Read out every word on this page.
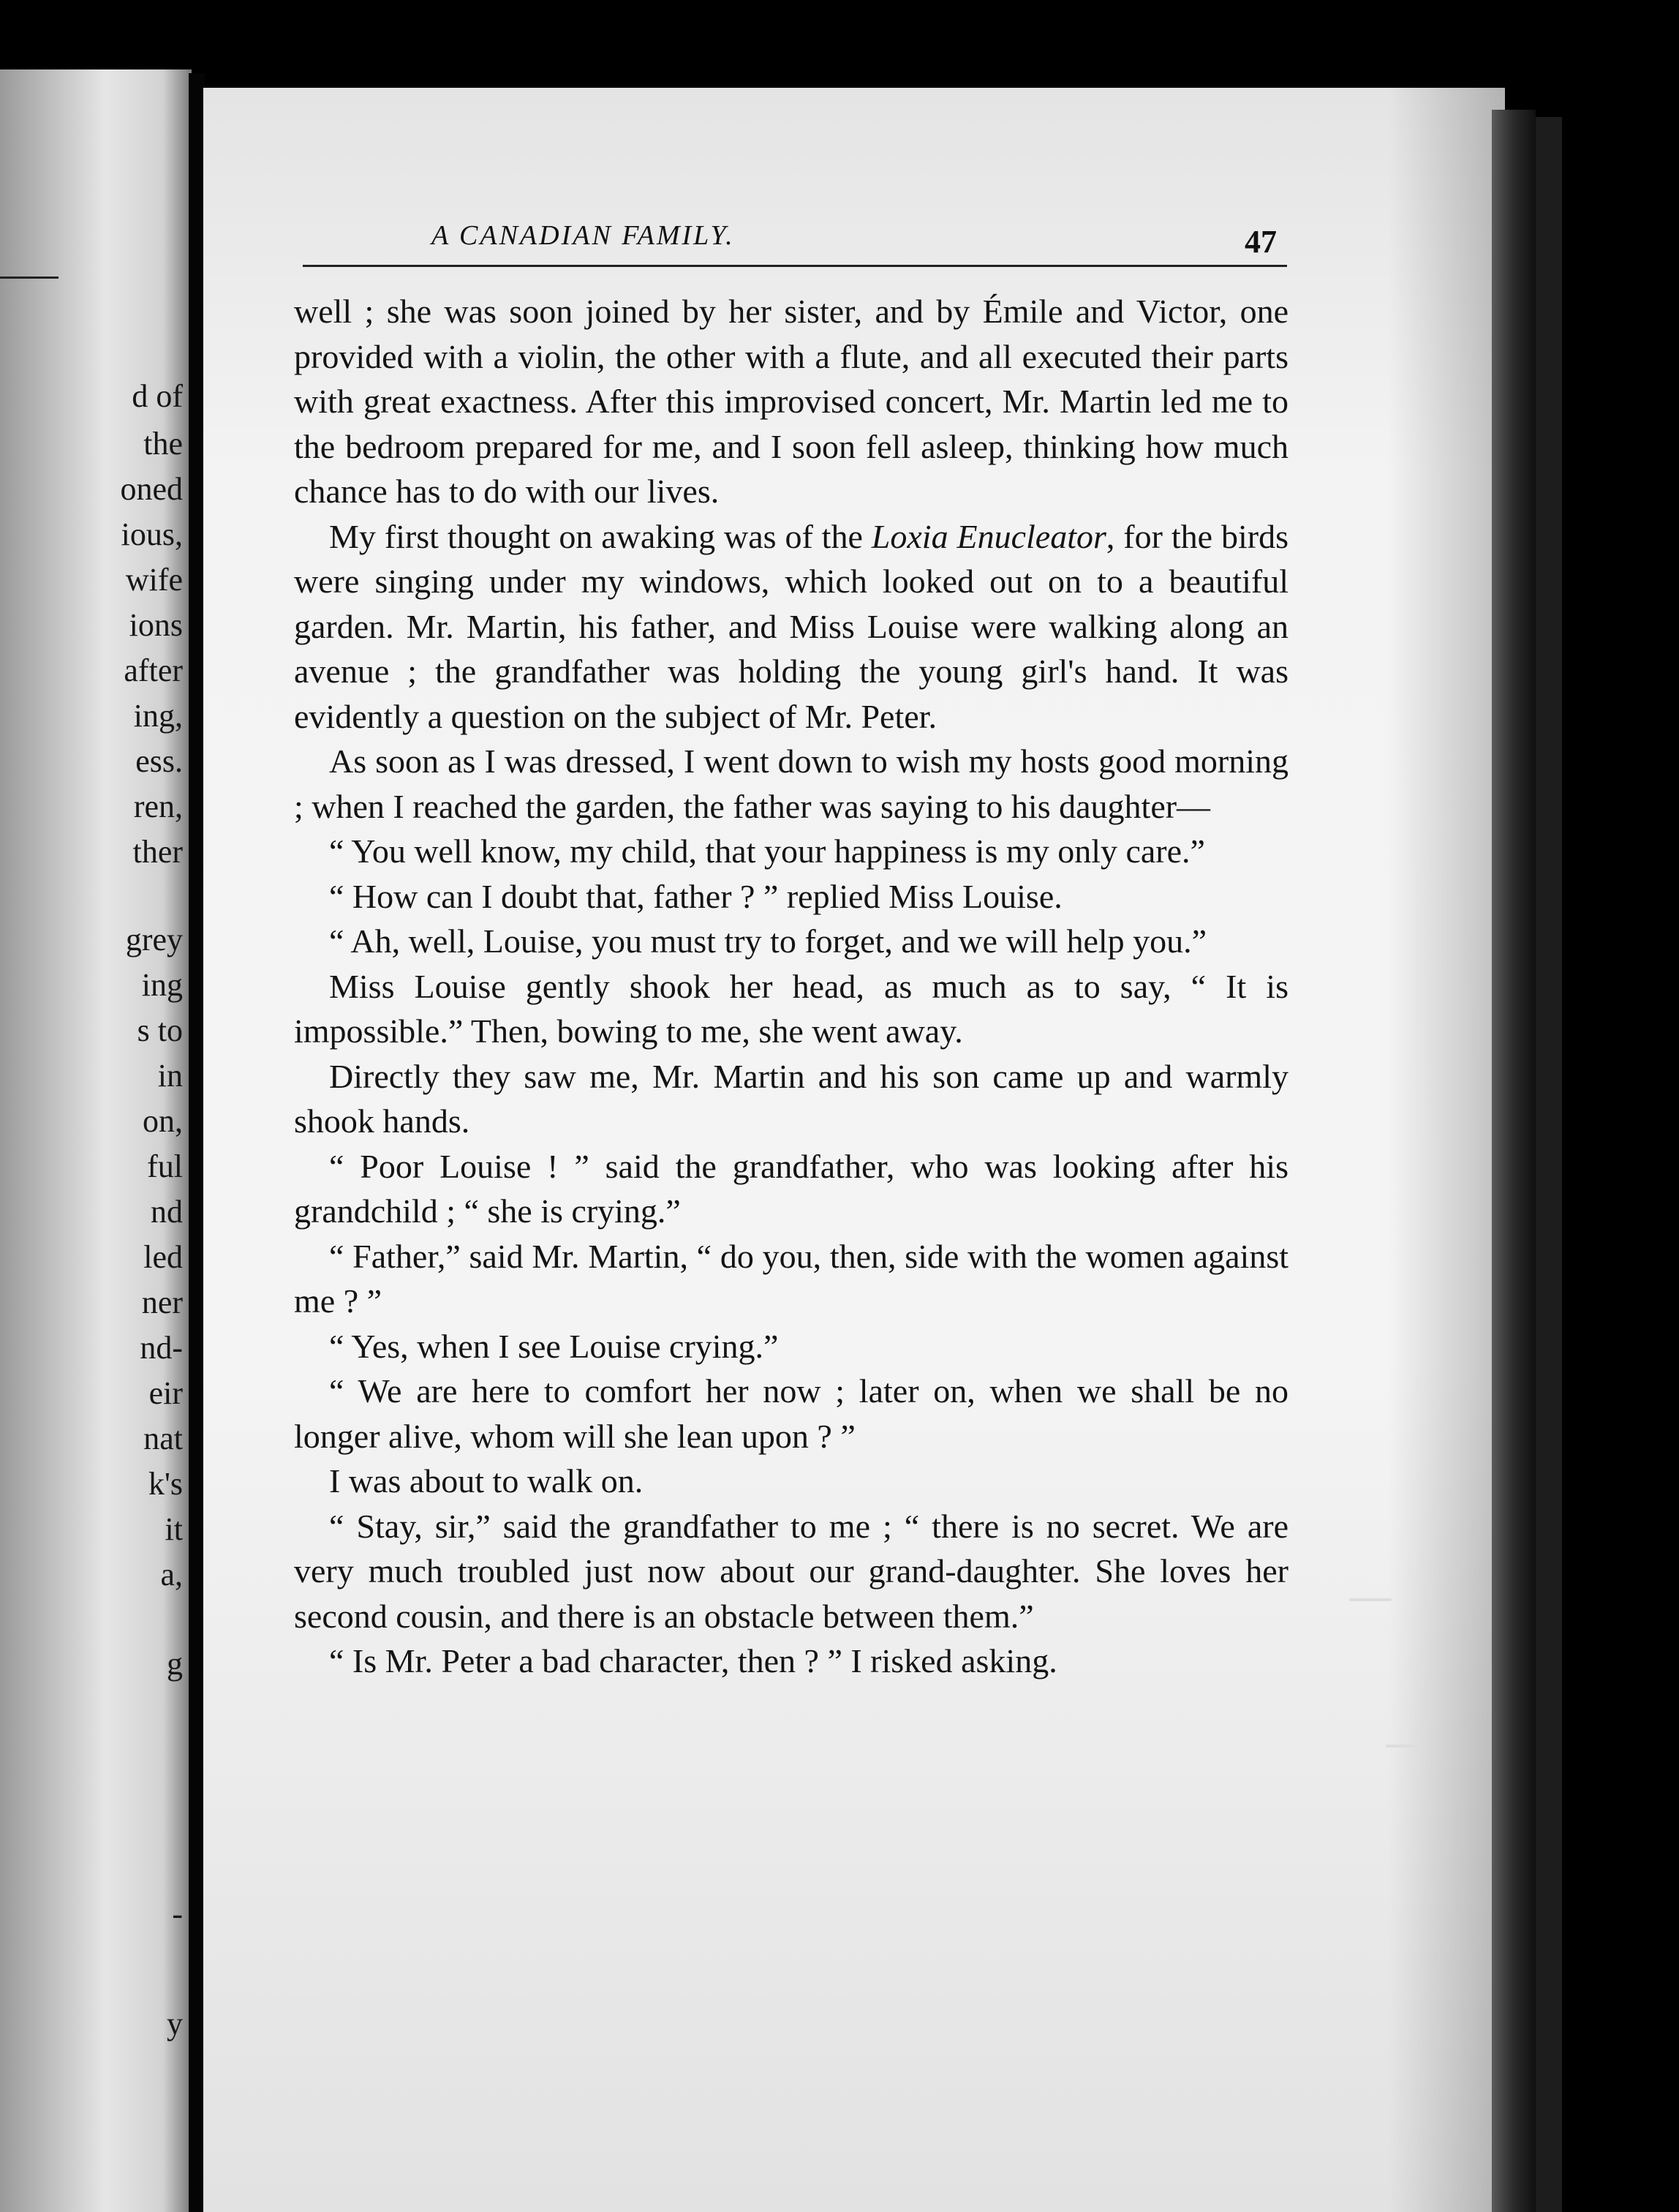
d of
the
oned
ious,
wife
ions
after
ing,
ess.
ren,
ther
grey
ing
s to
in
on,
ful
nd
led
ner
nd-
eir
nat
k's
it
a,
g
-
y
A CANADIAN FAMILY.	47

well ; she was soon joined by her sister, and by Émile and Victor, one provided with a violin, the other with a flute, and all executed their parts with great exactness. After this improvised concert, Mr. Martin led me to the bedroom prepared for me, and I soon fell asleep, thinking how much chance has to do with our lives.

My first thought on awaking was of the Loxia Enucleator, for the birds were singing under my windows, which looked out on to a beautiful garden. Mr. Martin, his father, and Miss Louise were walking along an avenue ; the grandfather was holding the young girl's hand. It was evidently a question on the subject of Mr. Peter.

As soon as I was dressed, I went down to wish my hosts good morning ; when I reached the garden, the father was saying to his daughter—

“ You well know, my child, that your happiness is my only care.”

“ How can I doubt that, father ? ” replied Miss Louise.

“ Ah, well, Louise, you must try to forget, and we will help you.”

Miss Louise gently shook her head, as much as to say, “ It is impossible.” Then, bowing to me, she went away.

Directly they saw me, Mr. Martin and his son came up and warmly shook hands.

“ Poor Louise ! ” said the grandfather, who was looking after his grandchild ; “ she is crying.”

“ Father,” said Mr. Martin, “ do you, then, side with the women against me ? ”

“ Yes, when I see Louise crying.”

“ We are here to comfort her now ; later on, when we shall be no longer alive, whom will she lean upon ? ”

I was about to walk on.

“ Stay, sir,” said the grandfather to me ; “ there is no secret. We are very much troubled just now about our grand-daughter. She loves her second cousin, and there is an obstacle between them.”

“ Is Mr. Peter a bad character, then ? ” I risked asking.
